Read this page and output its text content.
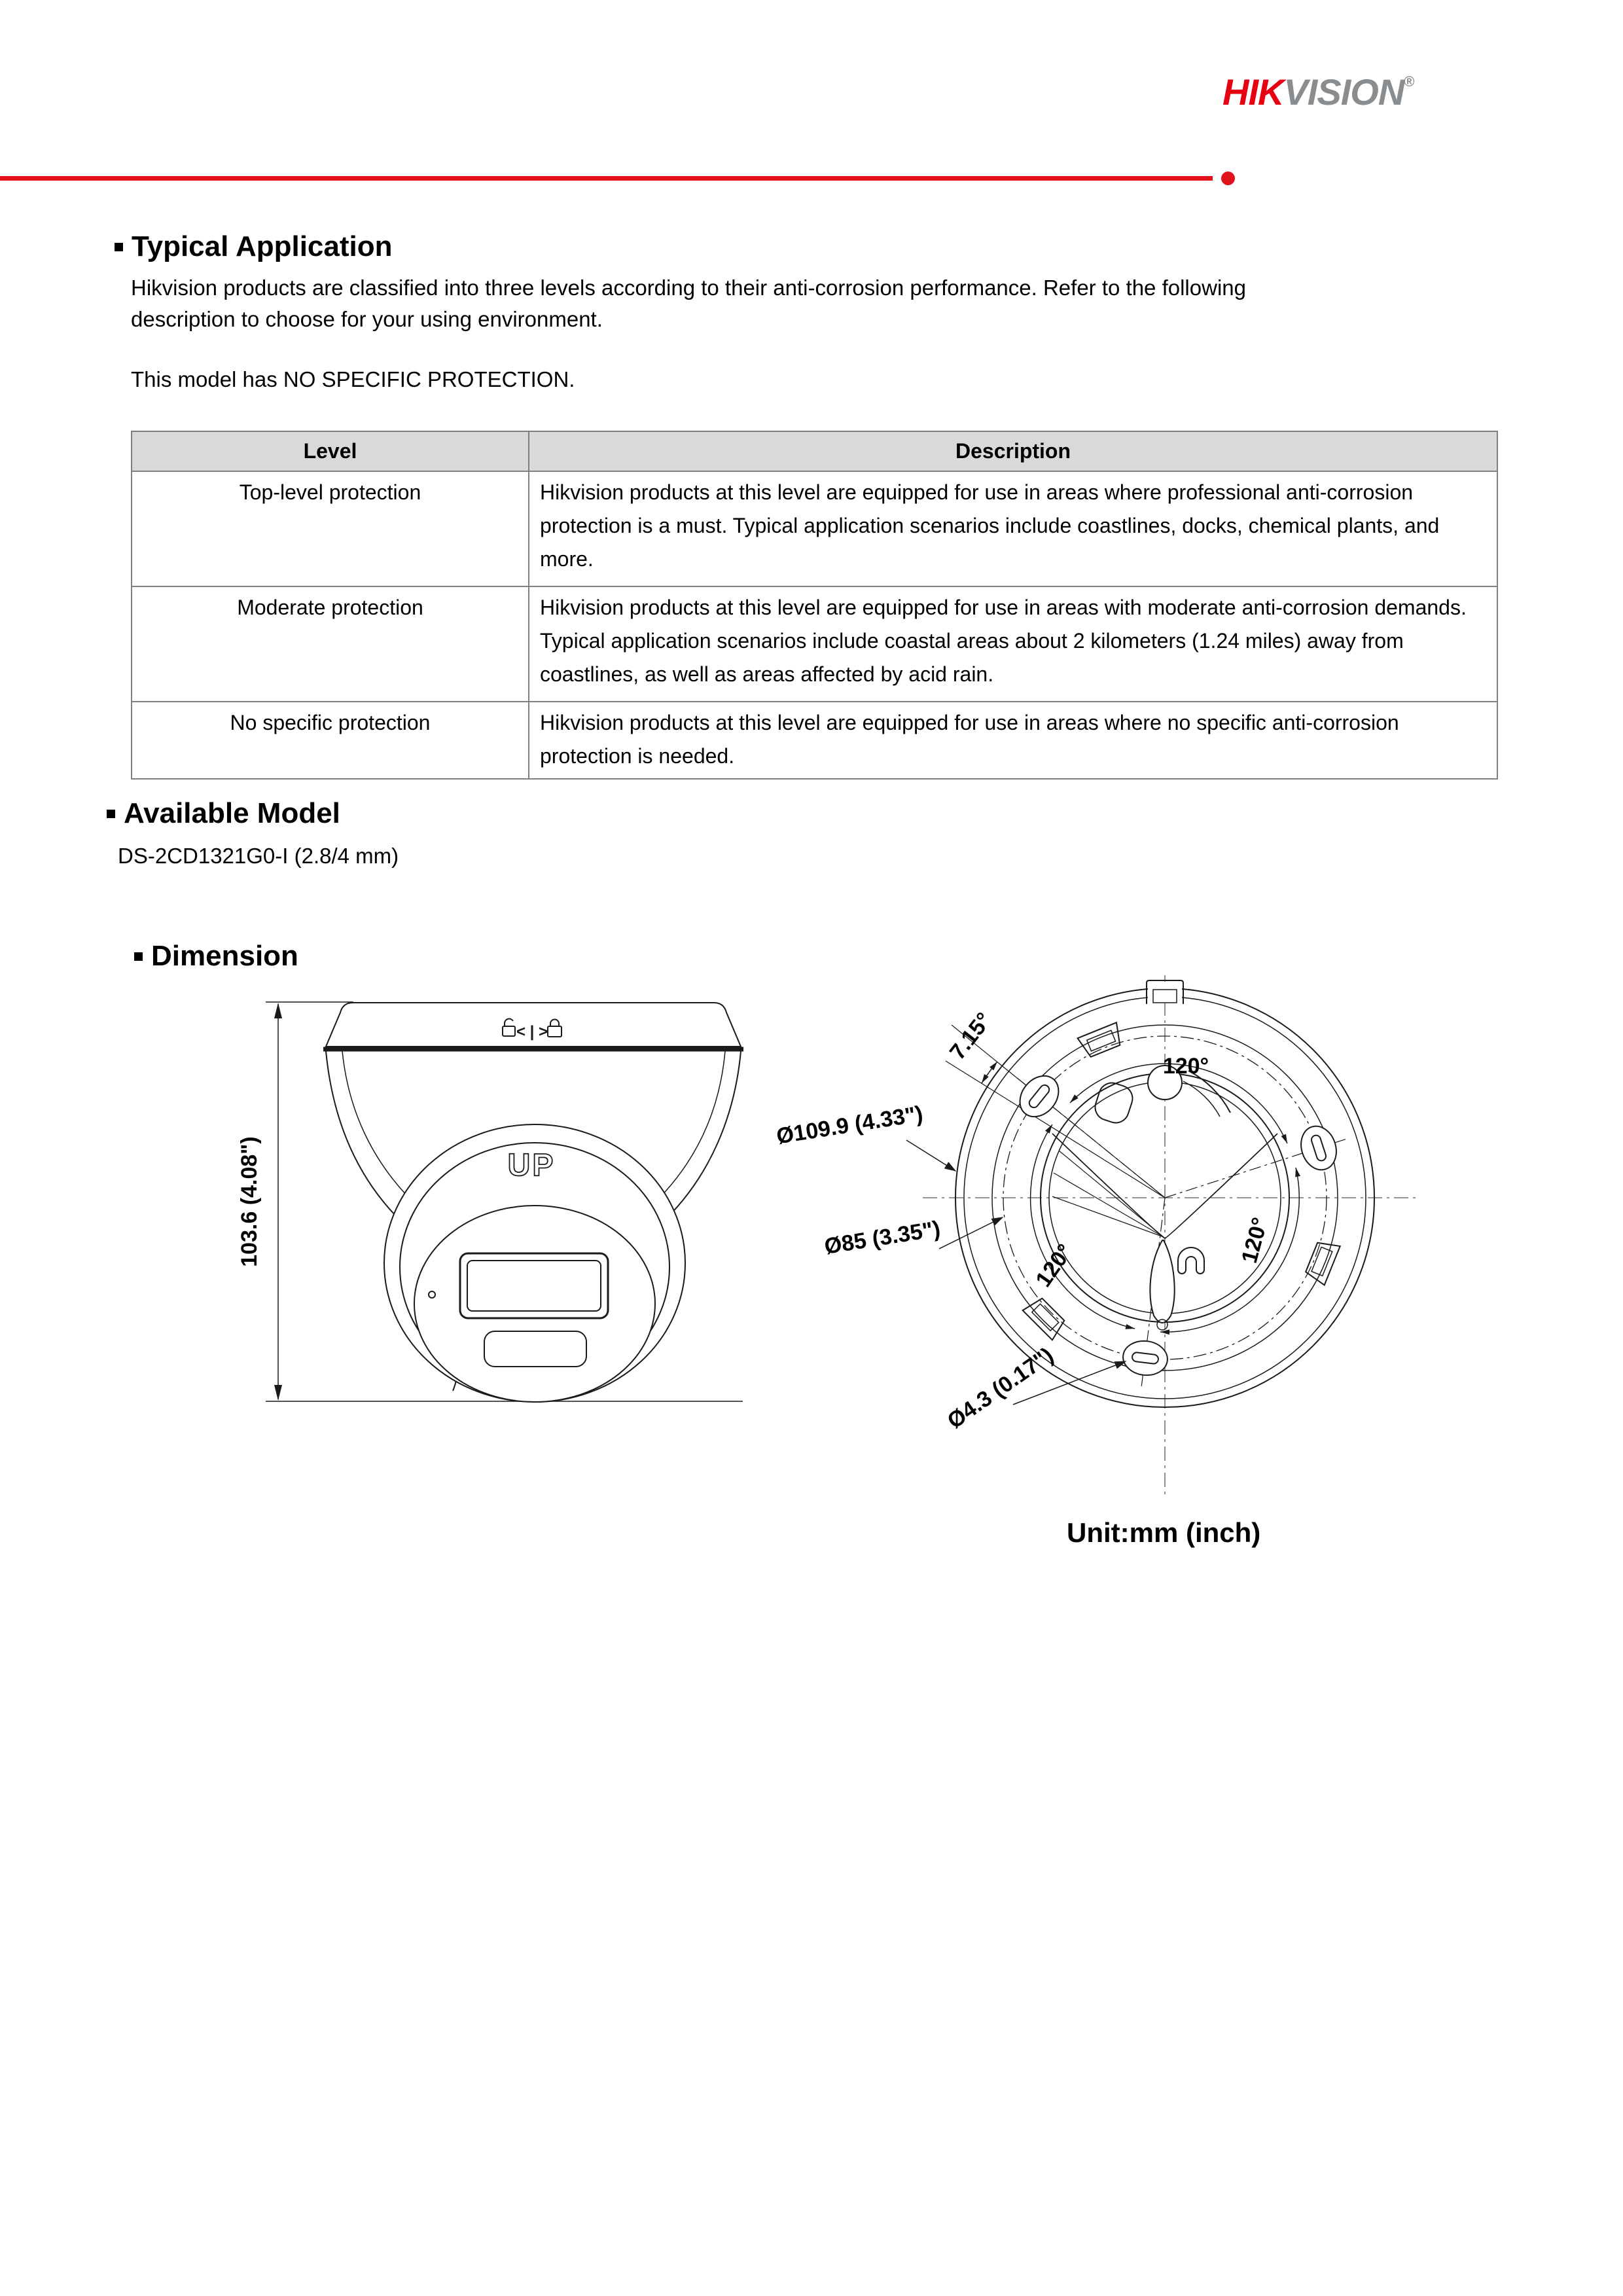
HIKVISION®
Typical Application
Hikvision products are classified into three levels according to their anti-corrosion performance. Refer to the following
description to choose for your using environment.
This model has NO SPECIFIC PROTECTION.
Level	Description
Top-level protection	Hikvision products at this level are equipped for use in areas where professional anti-corrosion protection is a must. Typical application scenarios include coastlines, docks, chemical plants, and more.
Moderate protection	Hikvision products at this level are equipped for use in areas with moderate anti-corrosion demands. Typical application scenarios include coastal areas about 2 kilometers (1.24 miles) away from coastlines, as well as areas affected by acid rain.
No specific protection	Hikvision products at this level are equipped for use in areas where no specific anti-corrosion protection is needed.
Available Model
DS-2CD1321G0-I (2.8/4 mm)
Dimension
< | >
UP
103.6 (4.08")
7.15°
120°
120°	120°
Ø109.9 (4.33")
Ø85 (3.35")
Ø4.3 (0.17")
Unit:mm (inch)
